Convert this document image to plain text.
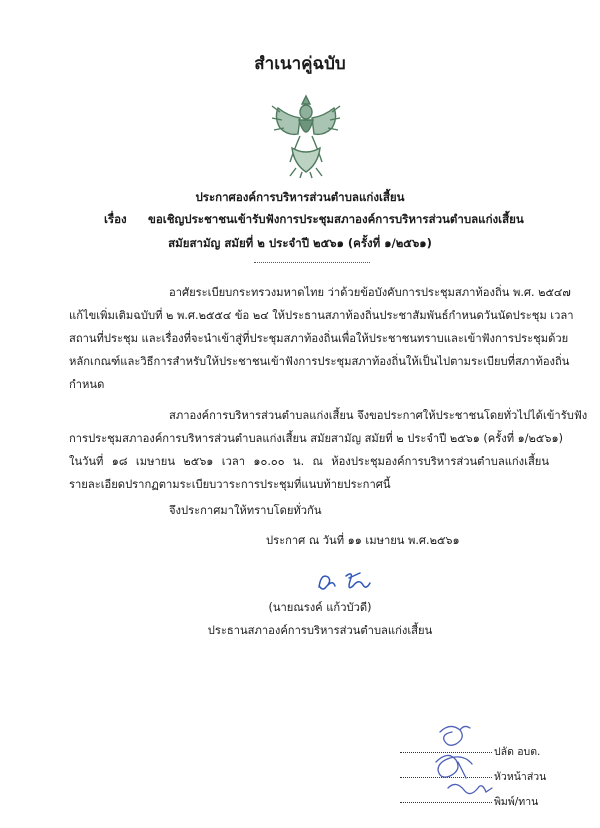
สำเนาคู่ฉบับ
ประกาศองค์การบริหารส่วนตำบลแก่งเสี้ยน
เรื่อง ขอเชิญประชาชนเข้ารับฟังการประชุมสภาองค์การบริหารส่วนตำบลแก่งเสี้ยน
สมัยสามัญ สมัยที่ ๒ ประจำปี ๒๕๖๑ (ครั้งที่ ๑/๒๕๖๑)
อาศัยระเบียบกระทรวงมหาดไทย ว่าด้วยข้อบังคับการประชุมสภาท้องถิ่น พ.ศ. ๒๕๔๗
แก้ไขเพิ่มเติมฉบับที่ ๒ พ.ศ.๒๕๕๔ ข้อ ๒๔ ให้ประธานสภาท้องถิ่นประชาสัมพันธ์กำหนดวันนัดประชุม เวลา
สถานที่ประชุม และเรื่องที่จะนำเข้าสู่ที่ประชุมสภาท้องถิ่นเพื่อให้ประชาชนทราบและเข้าฟังการประชุมด้วย
หลักเกณฑ์และวิธีการสำหรับให้ประชาชนเข้าฟังการประชุมสภาท้องถิ่นให้เป็นไปตามระเบียบที่สภาท้องถิ่น
กำหนด
สภาองค์การบริหารส่วนตำบลแก่งเสี้ยน จึงขอประกาศให้ประชาชนโดยทั่วไปได้เข้ารับฟัง
การประชุมสภาองค์การบริหารส่วนตำบลแก่งเสี้ยน สมัยสามัญ สมัยที่ ๒ ประจำปี ๒๕๖๑ (ครั้งที่ ๑/๒๕๖๑)
ในวันที่ ๑๘ เมษายน ๒๕๖๑ เวลา ๑๐.๐๐ น. ณ ห้องประชุมองค์การบริหารส่วนตำบลแก่งเสี้ยน
รายละเอียดปรากฏตามระเบียบวาระการประชุมที่แนบท้ายประกาศนี้
จึงประกาศมาให้ทราบโดยทั่วกัน
ประกาศ ณ วันที่ ๑๑ เมษายน พ.ศ.๒๕๖๑
(นายณรงค์ แก้วบัวดี)
ประธานสภาองค์การบริหารส่วนตำบลแก่งเสี้ยน
ปลัด อบต.
หัวหน้าส่วน
พิมพ์/ทาน
